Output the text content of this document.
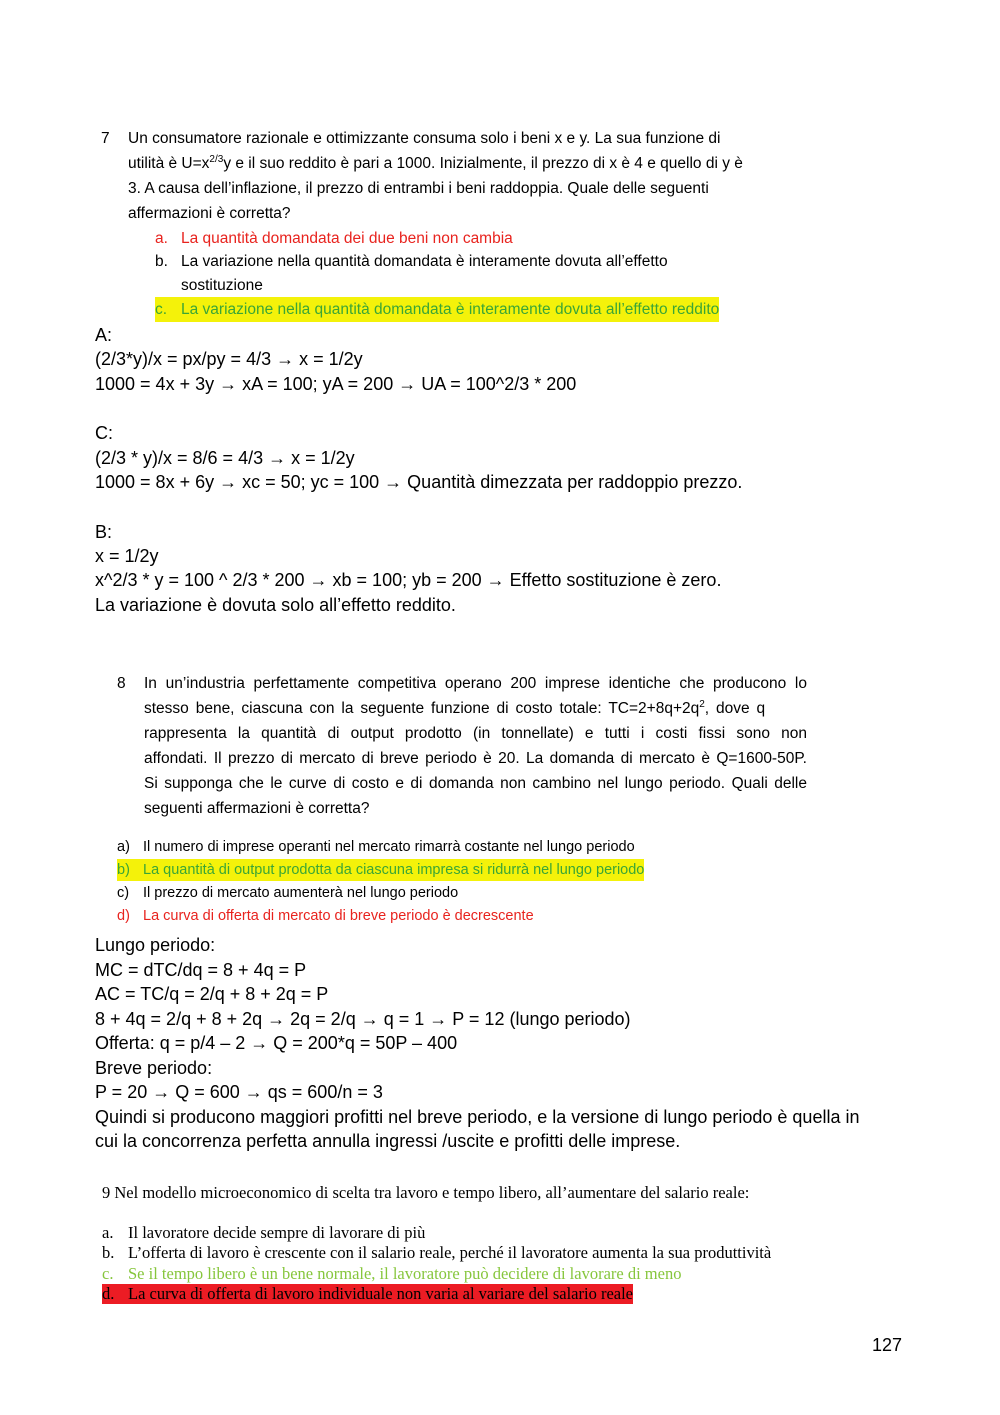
7 Un consumatore razionale e ottimizzante consuma solo i beni x e y. La sua funzione di
utilità è $U=x^{2/3}y$ e il suo reddito è pari a 1000. Inizialmente, il prezzo di x è 4 e quello di y è
3. A causa dell’inflazione, il prezzo di entrambi i beni raddoppia. Quale delle seguenti
affermazioni è corretta?
a. La quantità domandata dei due beni non cambia
b. La variazione nella quantità domandata è interamente dovuta all’effetto
sostituzione
c. La variazione nella quantità domandata è interamente dovuta all’effetto reddito
A:
(2/3*y)/x = px/py = 4/3 → x = 1/2y
1000 = 4x + 3y → xA = 100; yA = 200 → UA = 100^2/3 * 200
C:
(2/3 * y)/x = 8/6 = 4/3 → x = 1/2y
1000 = 8x + 6y → xc = 50; yc = 100 → Quantità dimezzata per raddoppio prezzo.
B:
x = 1/2y
x^2/3 * y = 100 ^ 2/3 * 200 → xb = 100; yb = 200 → Effetto sostituzione è zero.
La variazione è dovuta solo all’effetto reddito.
8 In un’industria perfettamente competitiva operano 200 imprese identiche che producono lo
stesso bene, ciascuna con la seguente funzione di costo totale: $TC=2+8q+2q^2$, dove q
rappresenta la quantità di output prodotto (in tonnellate) e tutti i costi fissi sono non
affondati. Il prezzo di mercato di breve periodo è 20. La domanda di mercato è Q=1600-50P.
Si supponga che le curve di costo e di domanda non cambino nel lungo periodo. Quali delle
seguenti affermazioni è corretta?
a) Il numero di imprese operanti nel mercato rimarrà costante nel lungo periodo
b) La quantità di output prodotta da ciascuna impresa si ridurrà nel lungo periodo
c) Il prezzo di mercato aumenterà nel lungo periodo
d) La curva di offerta di mercato di breve periodo è decrescente
Lungo periodo:
MC = dTC/dq = 8 + 4q = P
AC = TC/q = 2/q + 8 + 2q = P
8 + 4q = 2/q + 8 + 2q → 2q = 2/q → q = 1 → P = 12 (lungo periodo)
Offerta: q = p/4 – 2 → Q = 200*q = 50P – 400
Breve periodo:
P = 20 → Q = 600 → qs = 600/n = 3
Quindi si producono maggiori profitti nel breve periodo, e la versione di lungo periodo è quella in
cui la concorrenza perfetta annulla ingressi /uscite e profitti delle imprese.
9 Nel modello microeconomico di scelta tra lavoro e tempo libero, all’aumentare del salario reale:
a. Il lavoratore decide sempre di lavorare di più
b. L’offerta di lavoro è crescente con il salario reale, perché il lavoratore aumenta la sua produttività
c. Se il tempo libero è un bene normale, il lavoratore può decidere di lavorare di meno
d. La curva di offerta di lavoro individuale non varia al variare del salario reale
127
